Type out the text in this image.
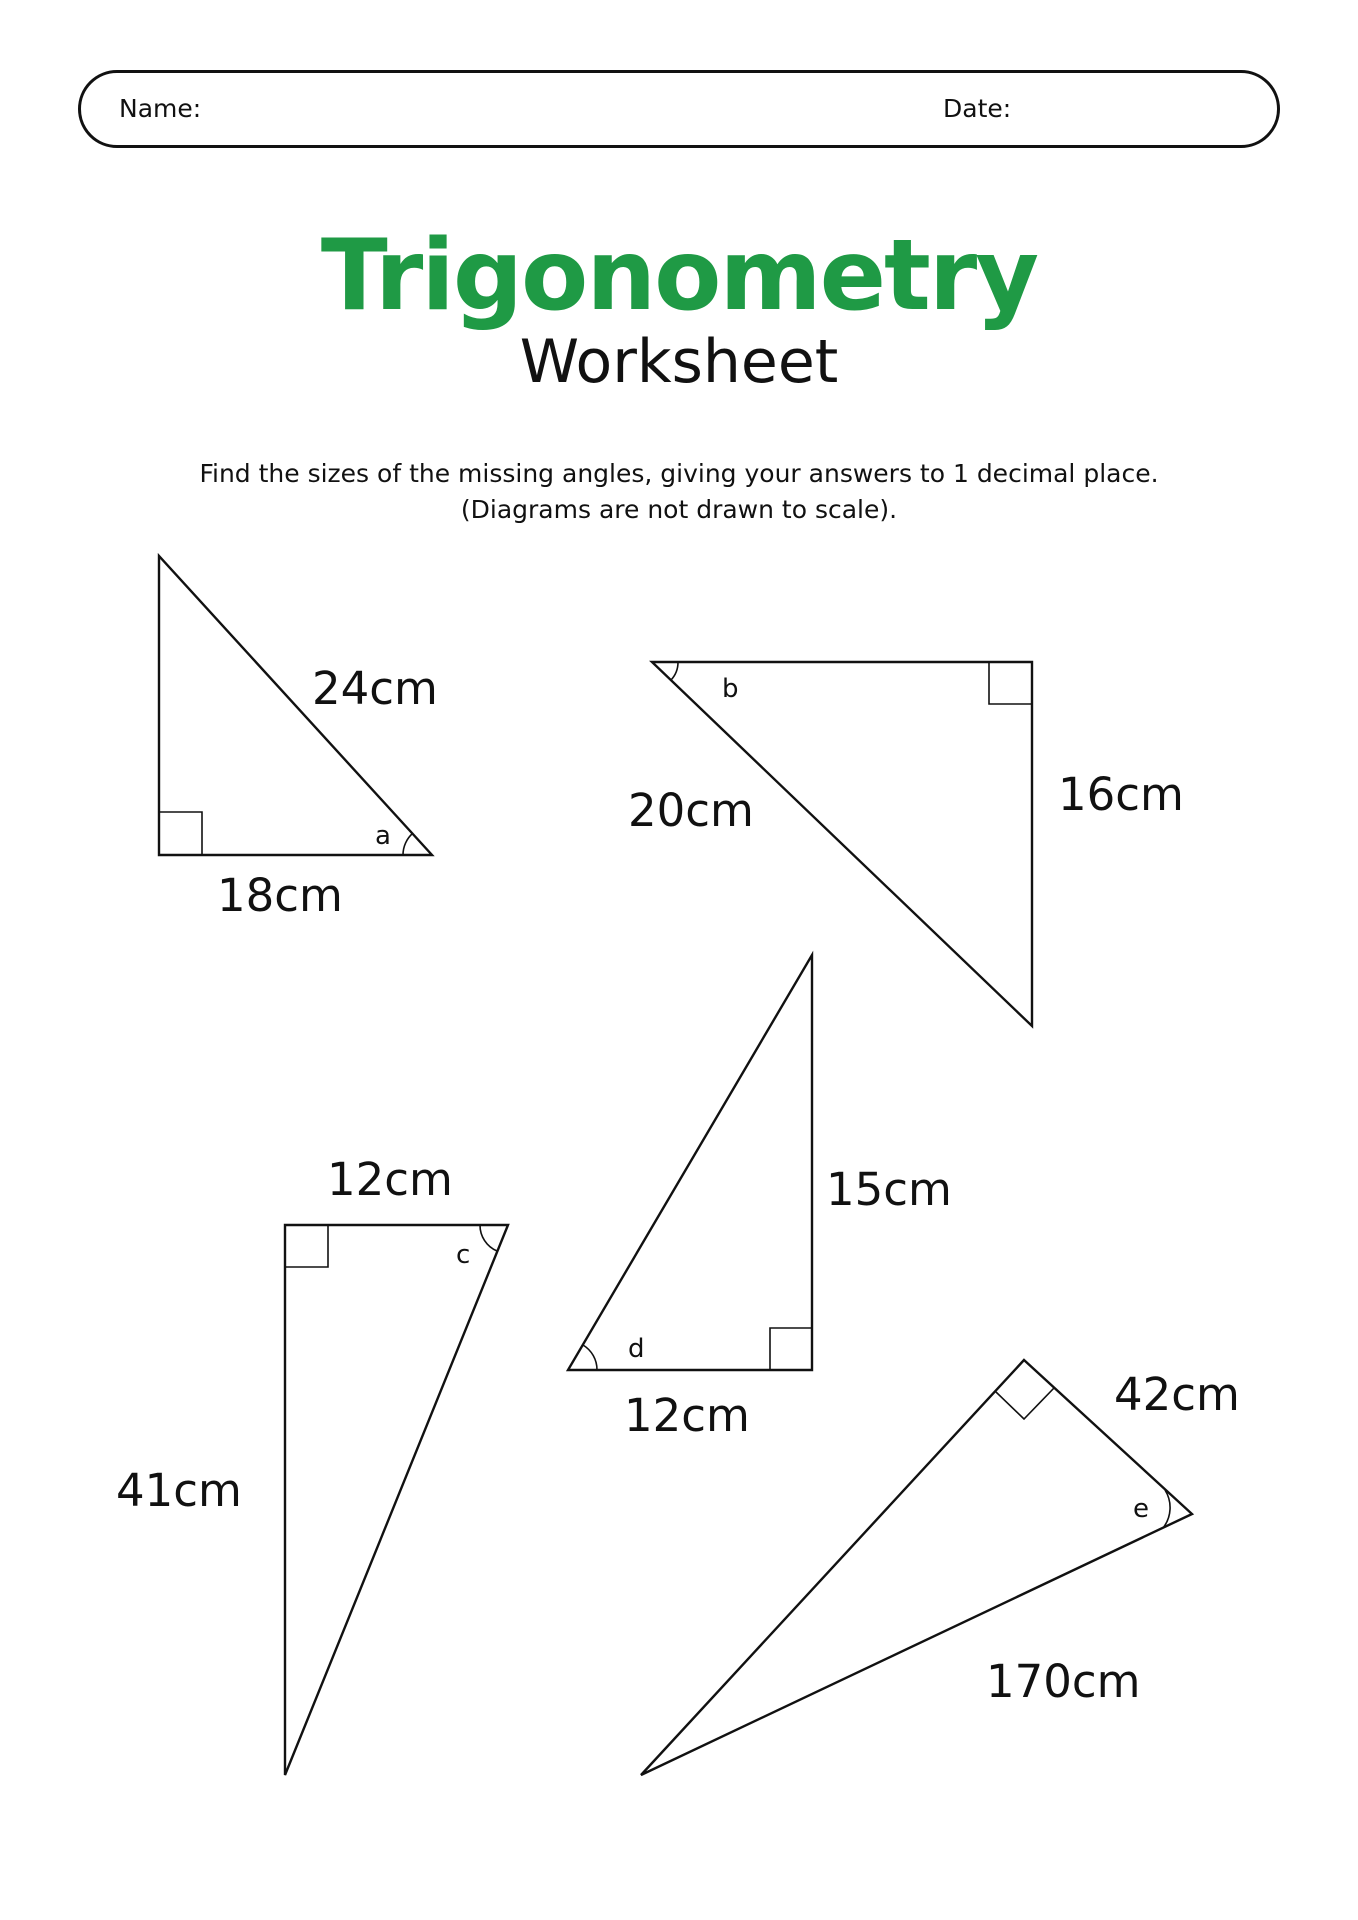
Name:	Date:
Trigonometry
Worksheet
Find the sizes of the missing angles, giving your answers to 1 decimal place.
(Diagrams are not drawn to scale).
24cm
18cm
a	20cm	16cm
b
12cm
41cm
c
15cm
12cm
d
42cm
170cm
e
